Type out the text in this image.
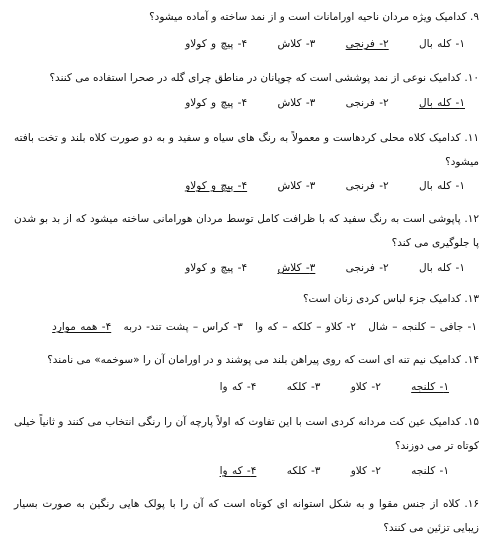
۹. کدامیک ویژه مردان ناحیه اورامانات است و از نمد ساخته و آماده میشود؟
۱- کله بال ۲- فرنجی ۳- کلاش ۴- پیچ و کولاو
۱۰. کدامیک نوعی از نمد پوششی است که چوپانان در مناطق چرای گله در صحرا استفاده می کنند؟
۱- کله بال ۲- فرنجی ۳- کلاش ۴- پیچ و کولاو
۱۱. کدامیک کلاه محلی کردهاست و معمولاً به رنگ های سیاه و سفید و به دو صورت کلاه بلند و تخت بافته میشود؟
۱- کله بال ۲- فرنجی ۳- کلاش ۴- پیچ و کولاو
۱۲. پاپوشی است به رنگ سفید که با ظرافت کامل توسط مردان هورامانی ساخته میشود که از بد بو شدن پا جلوگیری می کند؟
۱- کله بال ۲- فرنجی ۳- کلاش ۴- پیچ و کولاو
۱۳. کدامیک جزء لباس کردی زنان است؟
۱- جافی – کلنجه – شال ۲- کلاو – کلکه – که وا ۳- کراس – پشت تند- دربه ۴- همه موارد
۱۴. کدامیک نیم تنه ای است که روی پیراهن بلند می پوشند و در اورامان آن را «سوخمه» می نامند؟
۱- کلنجه ۲- کلاو ۳- کلکه ۴- که وا
۱۵. کدامیک عین کت مردانه کردی است با این تفاوت که اولاً پارچه آن را رنگی انتخاب می کنند و ثانیاً خیلی کوتاه تر می دوزند؟
۱- کلنجه ۲- کلاو ۳- کلکه ۴- که وا
۱۶. کلاه از جنس مقوا و به شکل استوانه ای کوتاه است که آن را با پولک هایی رنگین به صورت بسیار زیبایی تزئین می کنند؟
